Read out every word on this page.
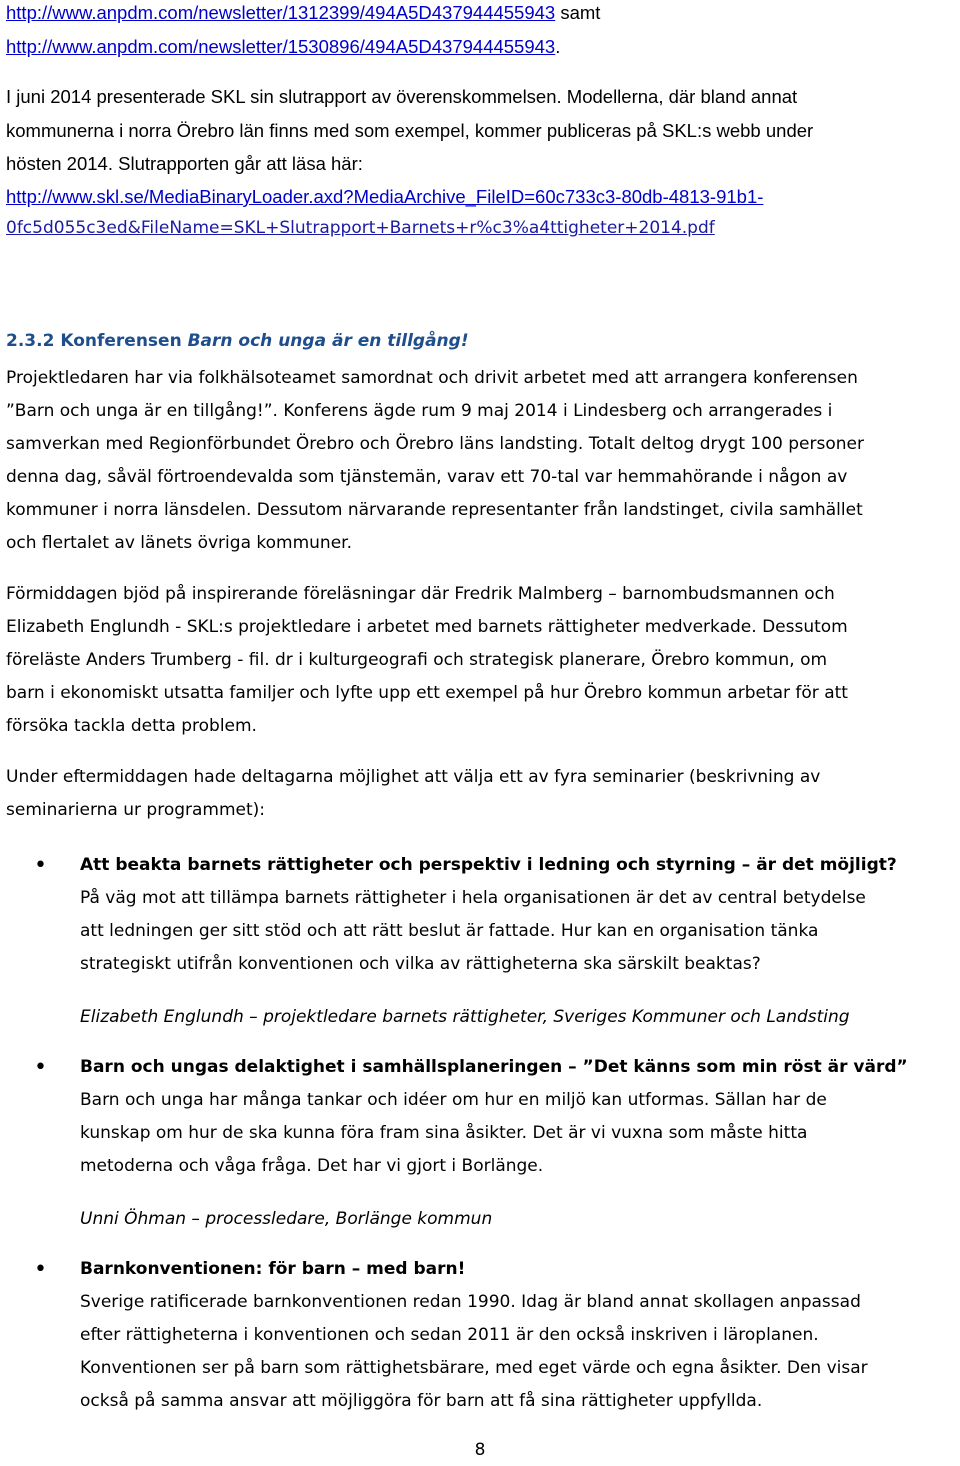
http://www.anpdm.com/newsletter/1312399/494A5D437944455943 samt
http://www.anpdm.com/newsletter/1530896/494A5D437944455943.
I juni 2014 presenterade SKL sin slutrapport av överenskommelsen. Modellerna, där bland annat
kommunerna i norra Örebro län finns med som exempel, kommer publiceras på SKL:s webb under
hösten 2014. Slutrapporten går att läsa här:
http://www.skl.se/MediaBinaryLoader.axd?MediaArchive_FileID=60c733c3-80db-4813-91b1-
0fc5d055c3ed&FileName=SKL+Slutrapport+Barnets+r%c3%a4ttigheter+2014.pdf
2.3.2 Konferensen Barn och unga är en tillgång!
Projektledaren har via folkhälsoteamet samordnat och drivit arbetet med att arrangera konferensen
”Barn och unga är en tillgång!”. Konferens ägde rum 9 maj 2014 i Lindesberg och arrangerades i
samverkan med Regionförbundet Örebro och Örebro läns landsting. Totalt deltog drygt 100 personer
denna dag, såväl förtroendevalda som tjänstemän, varav ett 70-tal var hemmahörande i någon av
kommuner i norra länsdelen. Dessutom närvarande representanter från landstinget, civila samhället
och flertalet av länets övriga kommuner.
Förmiddagen bjöd på inspirerande föreläsningar där Fredrik Malmberg – barnombudsmannen och
Elizabeth Englundh - SKL:s projektledare i arbetet med barnets rättigheter medverkade. Dessutom
föreläste Anders Trumberg - fil. dr i kulturgeografi och strategisk planerare, Örebro kommun, om
barn i ekonomiskt utsatta familjer och lyfte upp ett exempel på hur Örebro kommun arbetar för att
försöka tackla detta problem.
Under eftermiddagen hade deltagarna möjlighet att välja ett av fyra seminarier (beskrivning av
seminarierna ur programmet):
• Att beakta barnets rättigheter och perspektiv i ledning och styrning – är det möjligt?
På väg mot att tillämpa barnets rättigheter i hela organisationen är det av central betydelse
att ledningen ger sitt stöd och att rätt beslut är fattade. Hur kan en organisation tänka
strategiskt utifrån konventionen och vilka av rättigheterna ska särskilt beaktas?
Elizabeth Englundh – projektledare barnets rättigheter, Sveriges Kommuner och Landsting
• Barn och ungas delaktighet i samhällsplaneringen – ”Det känns som min röst är värd”
Barn och unga har många tankar och idéer om hur en miljö kan utformas. Sällan har de
kunskap om hur de ska kunna föra fram sina åsikter. Det är vi vuxna som måste hitta
metoderna och våga fråga. Det har vi gjort i Borlänge.
Unni Öhman – processledare, Borlänge kommun
• Barnkonventionen: för barn – med barn!
Sverige ratificerade barnkonventionen redan 1990. Idag är bland annat skollagen anpassad
efter rättigheterna i konventionen och sedan 2011 är den också inskriven i läroplanen.
Konventionen ser på barn som rättighetsbärare, med eget värde och egna åsikter. Den visar
också på samma ansvar att möjliggöra för barn att få sina rättigheter uppfyllda.
8
